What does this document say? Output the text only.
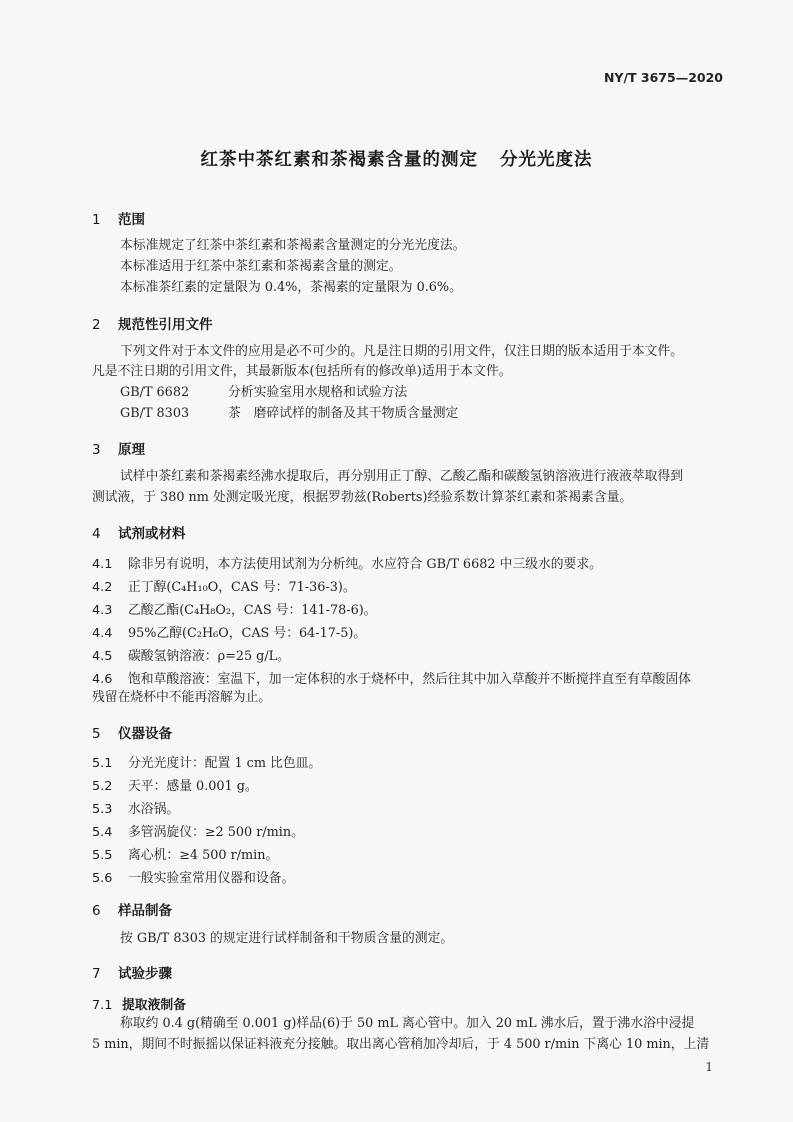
NY/T 3675—2020
红茶中茶红素和茶褐素含量的测定 分光光度法
1 范围
本标准规定了红茶中茶红素和茶褐素含量测定的分光光度法。
本标准适用于红茶中茶红素和茶褐素含量的测定。
本标准茶红素的定量限为 0.4%，茶褐素的定量限为 0.6%。
2 规范性引用文件
下列文件对于本文件的应用是必不可少的。凡是注日期的引用文件，仅注日期的版本适用于本文件。
凡是不注日期的引用文件，其最新版本(包括所有的修改单)适用于本文件。
GB/T 6682	分析实验室用水规格和试验方法
GB/T 8303	茶　磨碎试样的制备及其干物质含量测定
3 原理
试样中茶红素和茶褐素经沸水提取后，再分别用正丁醇、乙酸乙酯和碳酸氢钠溶液进行液液萃取得到
测试液，于 380 nm 处测定吸光度，根据罗勃兹(Roberts)经验系数计算茶红素和茶褐素含量。
4 试剂或材料
4.1 除非另有说明，本方法使用试剂为分析纯。水应符合 GB/T 6682 中三级水的要求。
4.2 正丁醇(C₄H₁₀O，CAS 号：71-36-3)。
4.3 乙酸乙酯(C₄H₈O₂，CAS 号：141-78-6)。
4.4 95%乙醇(C₂H₆O，CAS 号：64-17-5)。
4.5 碳酸氢钠溶液：ρ=25 g/L。
4.6 饱和草酸溶液：室温下，加一定体积的水于烧杯中，然后往其中加入草酸并不断搅拌直至有草酸固体
残留在烧杯中不能再溶解为止。
5 仪器设备
5.1 分光光度计：配置 1 cm 比色皿。
5.2 天平：感量 0.001 g。
5.3 水浴锅。
5.4 多管涡旋仪：≥2 500 r/min。
5.5 离心机：≥4 500 r/min。
5.6 一般实验室常用仪器和设备。
6 样品制备
按 GB/T 8303 的规定进行试样制备和干物质含量的测定。
7 试验步骤
7.1 提取液制备
称取约 0.4 g(精确至 0.001 g)样品(6)于 50 mL 离心管中。加入 20 mL 沸水后，置于沸水浴中浸提
5 min，期间不时振摇以保证料液充分接触。取出离心管稍加冷却后，于 4 500 r/min 下离心 10 min，上清
1
